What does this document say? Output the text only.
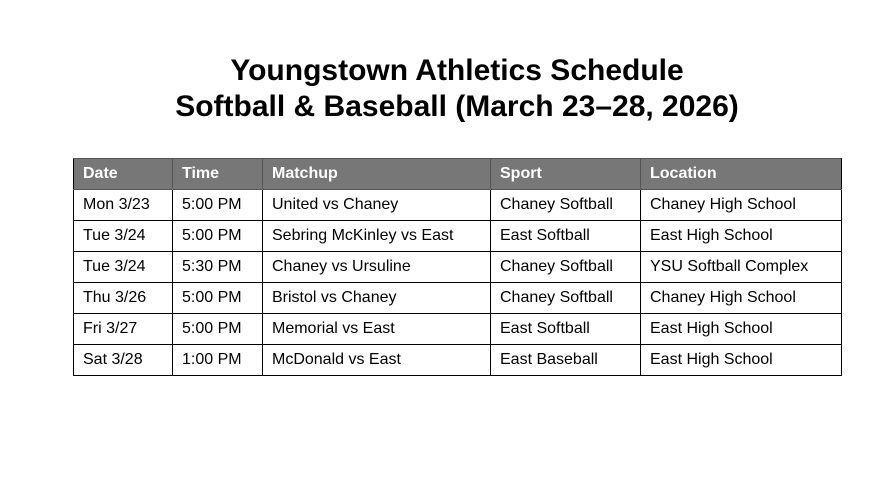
Youngstown Athletics Schedule

Softball & Baseball (March 23–28, 2026)

Date	Time	Matchup	Sport	Location
Mon 3/23	5:00 PM	United vs Chaney	Chaney Softball	Chaney High School
Tue 3/24	5:00 PM	Sebring McKinley vs East	East Softball	East High School
Tue 3/24	5:30 PM	Chaney vs Ursuline	Chaney Softball	YSU Softball Complex
Thu 3/26	5:00 PM	Bristol vs Chaney	Chaney Softball	Chaney High School
Fri 3/27	5:00 PM	Memorial vs East	East Softball	East High School
Sat 3/28	1:00 PM	McDonald vs East	East Baseball	East High School
